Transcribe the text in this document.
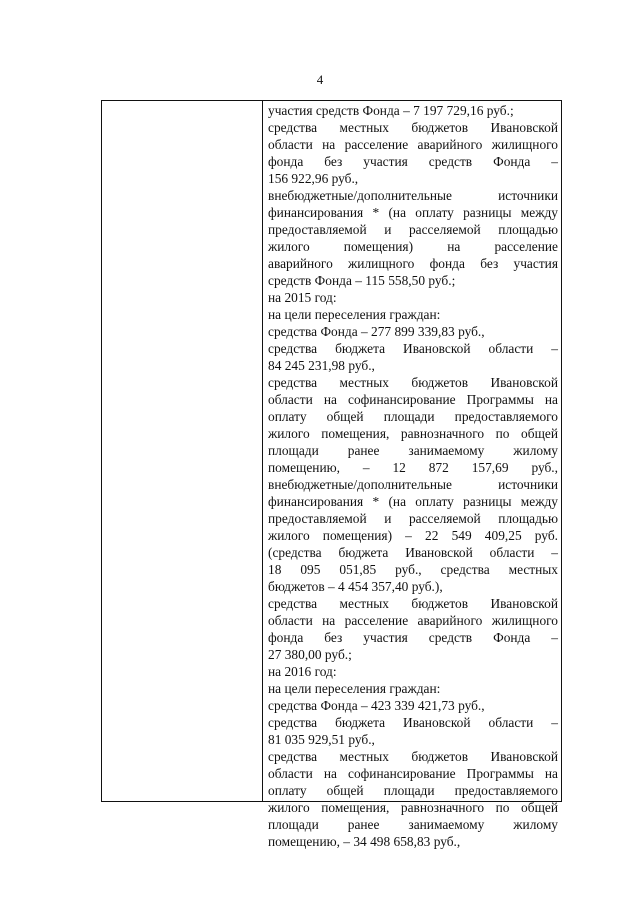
4
участия средств Фонда – 7 197 729,16 руб.;
средства местных бюджетов Ивановской
области на расселение аварийного жилищного
фонда без участия средств Фонда –
156 922,96 руб.,
внебюджетные/дополнительные источники
финансирования * (на оплату разницы между
предоставляемой и расселяемой площадью
жилого помещения) на расселение
аварийного жилищного фонда без участия
средств Фонда – 115 558,50 руб.;
на 2015 год:
на цели переселения граждан:
средства Фонда – 277 899 339,83 руб.,
средства бюджета Ивановской области –
84 245 231,98 руб.,
средства местных бюджетов Ивановской
области на софинансирование Программы на
оплату общей площади предоставляемого
жилого помещения, равнозначного по общей
площади ранее занимаемому жилому
помещению, – 12 872 157,69 руб.,
внебюджетные/дополнительные источники
финансирования * (на оплату разницы между
предоставляемой и расселяемой площадью
жилого помещения) – 22 549 409,25 руб.
(средства бюджета Ивановской области –
18 095 051,85 руб., средства местных
бюджетов – 4 454 357,40 руб.),
средства местных бюджетов Ивановской
области на расселение аварийного жилищного
фонда без участия средств Фонда –
27 380,00 руб.;
на 2016 год:
на цели переселения граждан:
средства Фонда – 423 339 421,73 руб.,
средства бюджета Ивановской области –
81 035 929,51 руб.,
средства местных бюджетов Ивановской
области на софинансирование Программы на
оплату общей площади предоставляемого
жилого помещения, равнозначного по общей
площади ранее занимаемому жилому
помещению, – 34 498 658,83 руб.,
